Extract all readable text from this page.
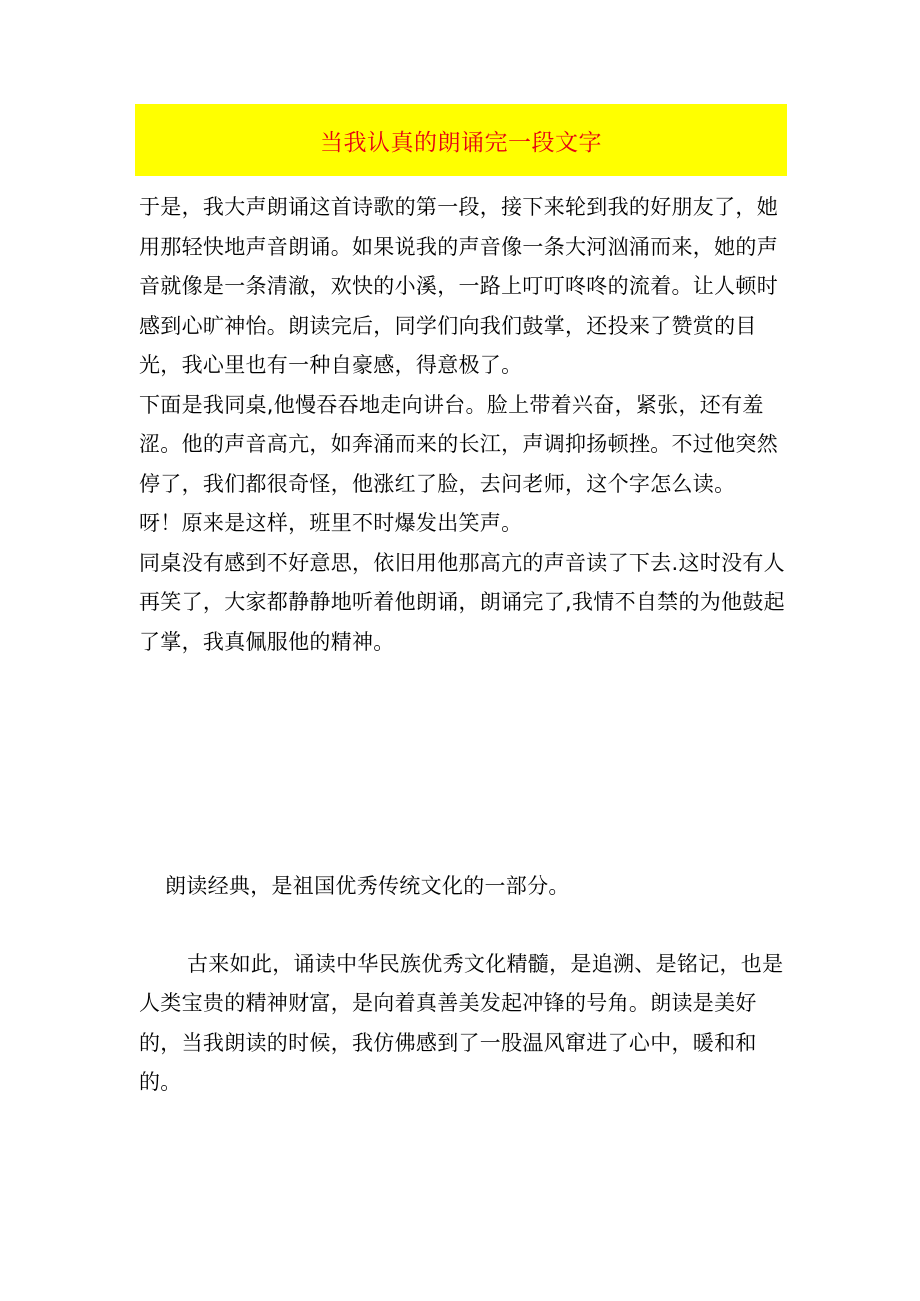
当我认真的朗诵完一段文字

于是，我大声朗诵这首诗歌的第一段，接下来轮到我的好朋友了，她用那轻快地声音朗诵。如果说我的声音像一条大河汹涌而来，她的声音就像是一条清澈，欢快的小溪，一路上叮叮咚咚的流着。让人顿时感到心旷神怡。朗读完后，同学们向我们鼓掌，还投来了赞赏的目光，我心里也有一种自豪感，得意极了。

下面是我同桌,他慢吞吞地走向讲台。脸上带着兴奋，紧张，还有羞涩。他的声音高亢，如奔涌而来的长江，声调抑扬顿挫。不过他突然停了，我们都很奇怪，他涨红了脸，去问老师，这个字怎么读。

呀！原来是这样，班里不时爆发出笑声。

同桌没有感到不好意思，依旧用他那高亢的声音读了下去.这时没有人再笑了，大家都静静地听着他朗诵，朗诵完了,我情不自禁的为他鼓起了掌，我真佩服他的精神。

朗读经典，是祖国优秀传统文化的一部分。

古来如此，诵读中华民族优秀文化精髓，是追溯、是铭记，也是人类宝贵的精神财富，是向着真善美发起冲锋的号角。朗读是美好的，当我朗读的时候，我仿佛感到了一股温风窜进了心中，暖和和的。
